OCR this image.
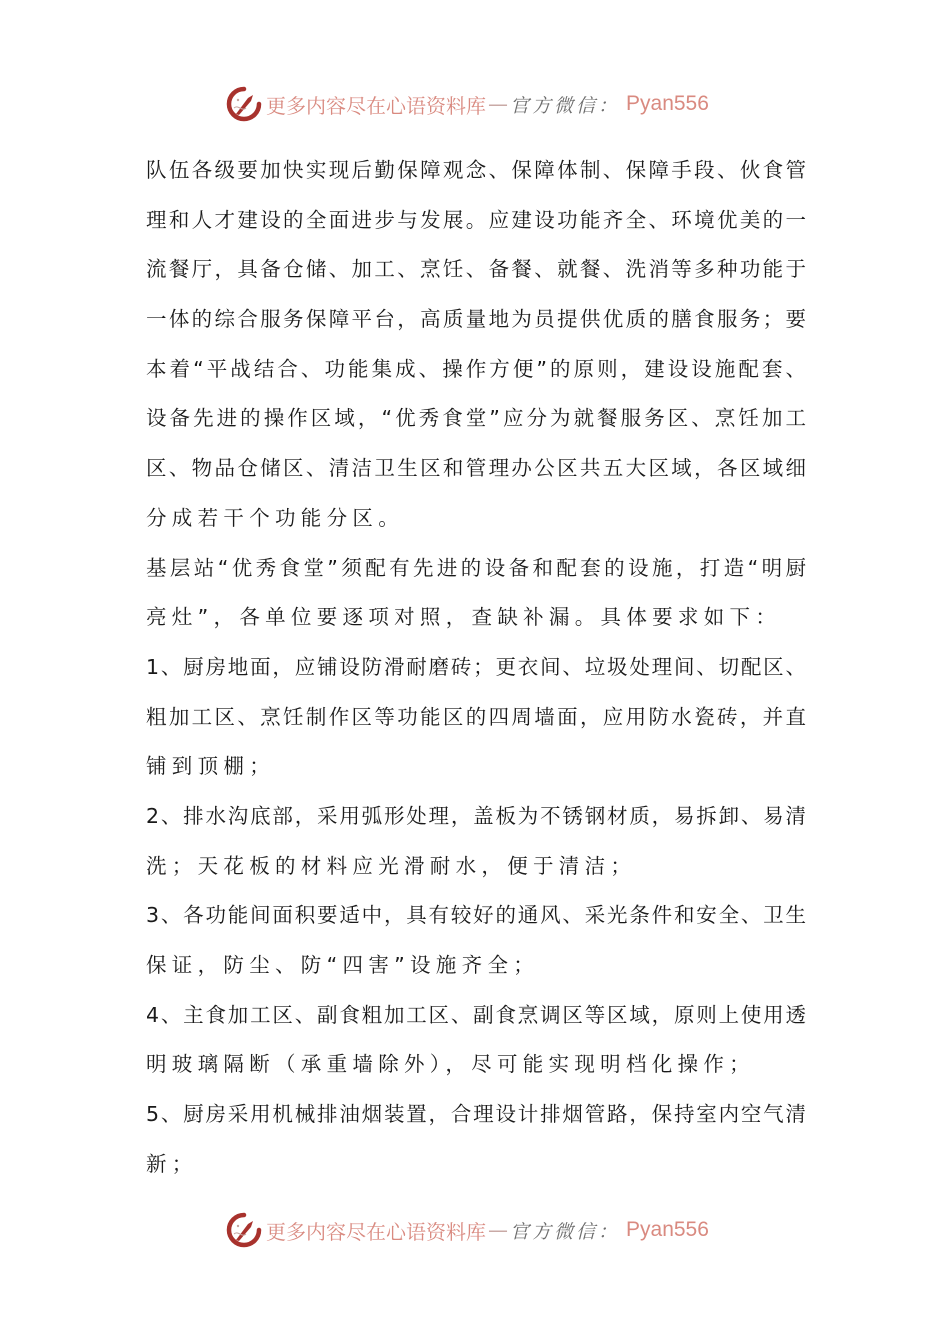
更多内容尽在心语资料库 — 官方微信： Pyan556
队伍各级要加快实现后勤保障观念、保障体制、保障手段、伙食管
理和人才建设的全面进步与发展。应建设功能齐全、环境优美的一
流餐厅，具备仓储、加工、烹饪、备餐、就餐、洗消等多种功能于
一体的综合服务保障平台，高质量地为员提供优质的膳食服务；要
本着“平战结合、功能集成、操作方便”的原则，建设设施配套、
设备先进的操作区域，“优秀食堂”应分为就餐服务区、烹饪加工
区、物品仓储区、清洁卫生区和管理办公区共五大区域，各区域细
分成若干个功能分区。
基层站“优秀食堂”须配有先进的设备和配套的设施，打造“明厨
亮灶”，各单位要逐项对照，查缺补漏。具体要求如下：
1、厨房地面，应铺设防滑耐磨砖；更衣间、垃圾处理间、切配区、
粗加工区、烹饪制作区等功能区的四周墙面，应用防水瓷砖，并直
铺到顶棚；
2、排水沟底部，采用弧形处理，盖板为不锈钢材质，易拆卸、易清
洗；天花板的材料应光滑耐水，便于清洁；
3、各功能间面积要适中，具有较好的通风、采光条件和安全、卫生
保证，防尘、防“四害”设施齐全；
4、主食加工区、副食粗加工区、副食烹调区等区域，原则上使用透
明玻璃隔断（承重墙除外），尽可能实现明档化操作；
5、厨房采用机械排油烟装置，合理设计排烟管路，保持室内空气清
新；
更多内容尽在心语资料库 — 官方微信： Pyan556
